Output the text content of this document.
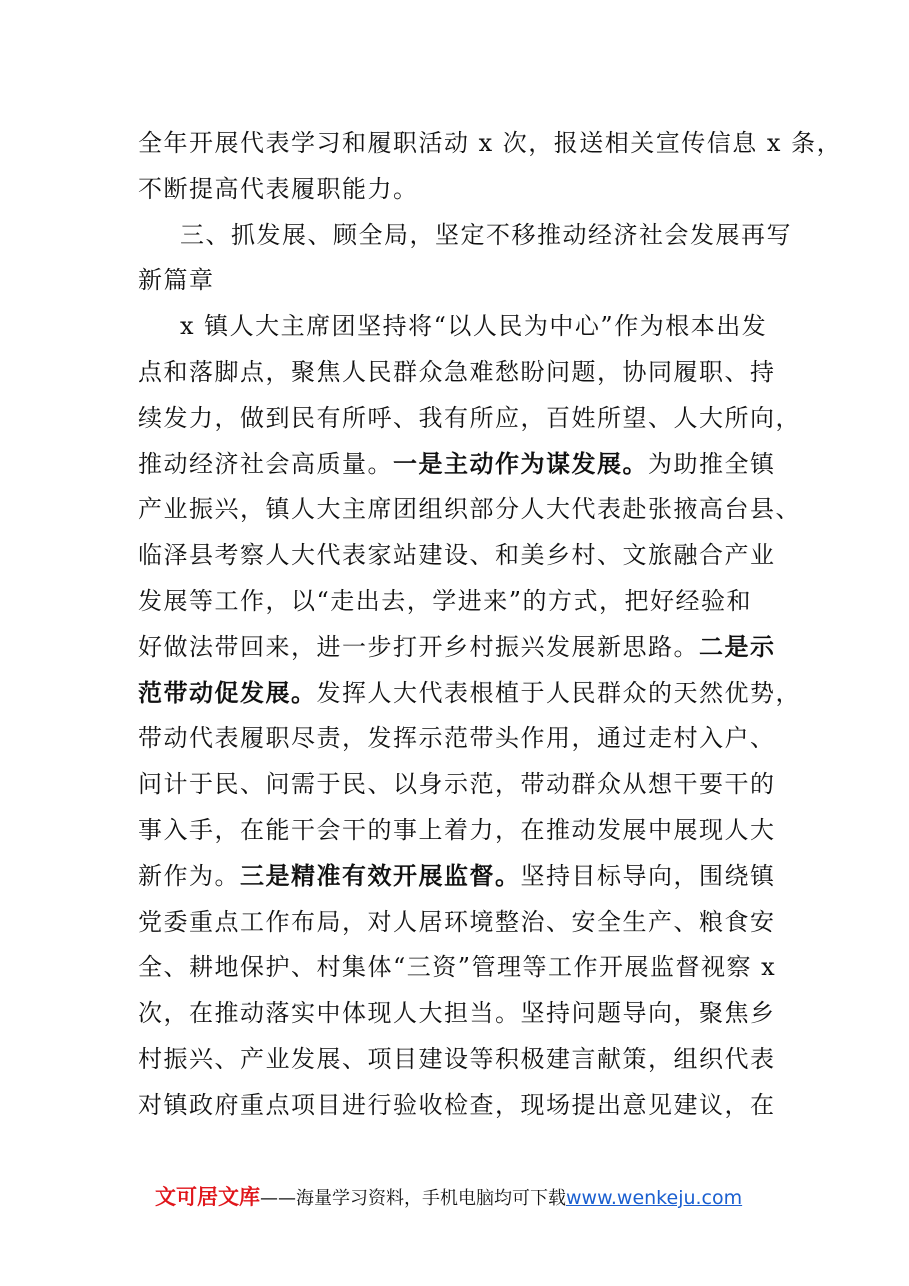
全年开展代表学习和履职活动 x 次，报送相关宣传信息 x 条，
不断提高代表履职能力。
三、抓发展、顾全局，坚定不移推动经济社会发展再写
新篇章
x 镇人大主席团坚持将“以人民为中心”作为根本出发
点和落脚点，聚焦人民群众急难愁盼问题，协同履职、持
续发力，做到民有所呼、我有所应，百姓所望、人大所向，
推动经济社会高质量。一是主动作为谋发展。为助推全镇
产业振兴，镇人大主席团组织部分人大代表赴张掖高台县、
临泽县考察人大代表家站建设、和美乡村、文旅融合产业
发展等工作，以“走出去，学进来”的方式，把好经验和
好做法带回来，进一步打开乡村振兴发展新思路。二是示
范带动促发展。发挥人大代表根植于人民群众的天然优势，
带动代表履职尽责，发挥示范带头作用，通过走村入户、
问计于民、问需于民、以身示范，带动群众从想干要干的
事入手，在能干会干的事上着力，在推动发展中展现人大
新作为。三是精准有效开展监督。坚持目标导向，围绕镇
党委重点工作布局，对人居环境整治、安全生产、粮食安
全、耕地保护、村集体“三资”管理等工作开展监督视察 x
次，在推动落实中体现人大担当。坚持问题导向，聚焦乡
村振兴、产业发展、项目建设等积极建言献策，组织代表
对镇政府重点项目进行验收检查，现场提出意见建议，在
文可居文库——海量学习资料，手机电脑均可下载www.wenkeju.com
